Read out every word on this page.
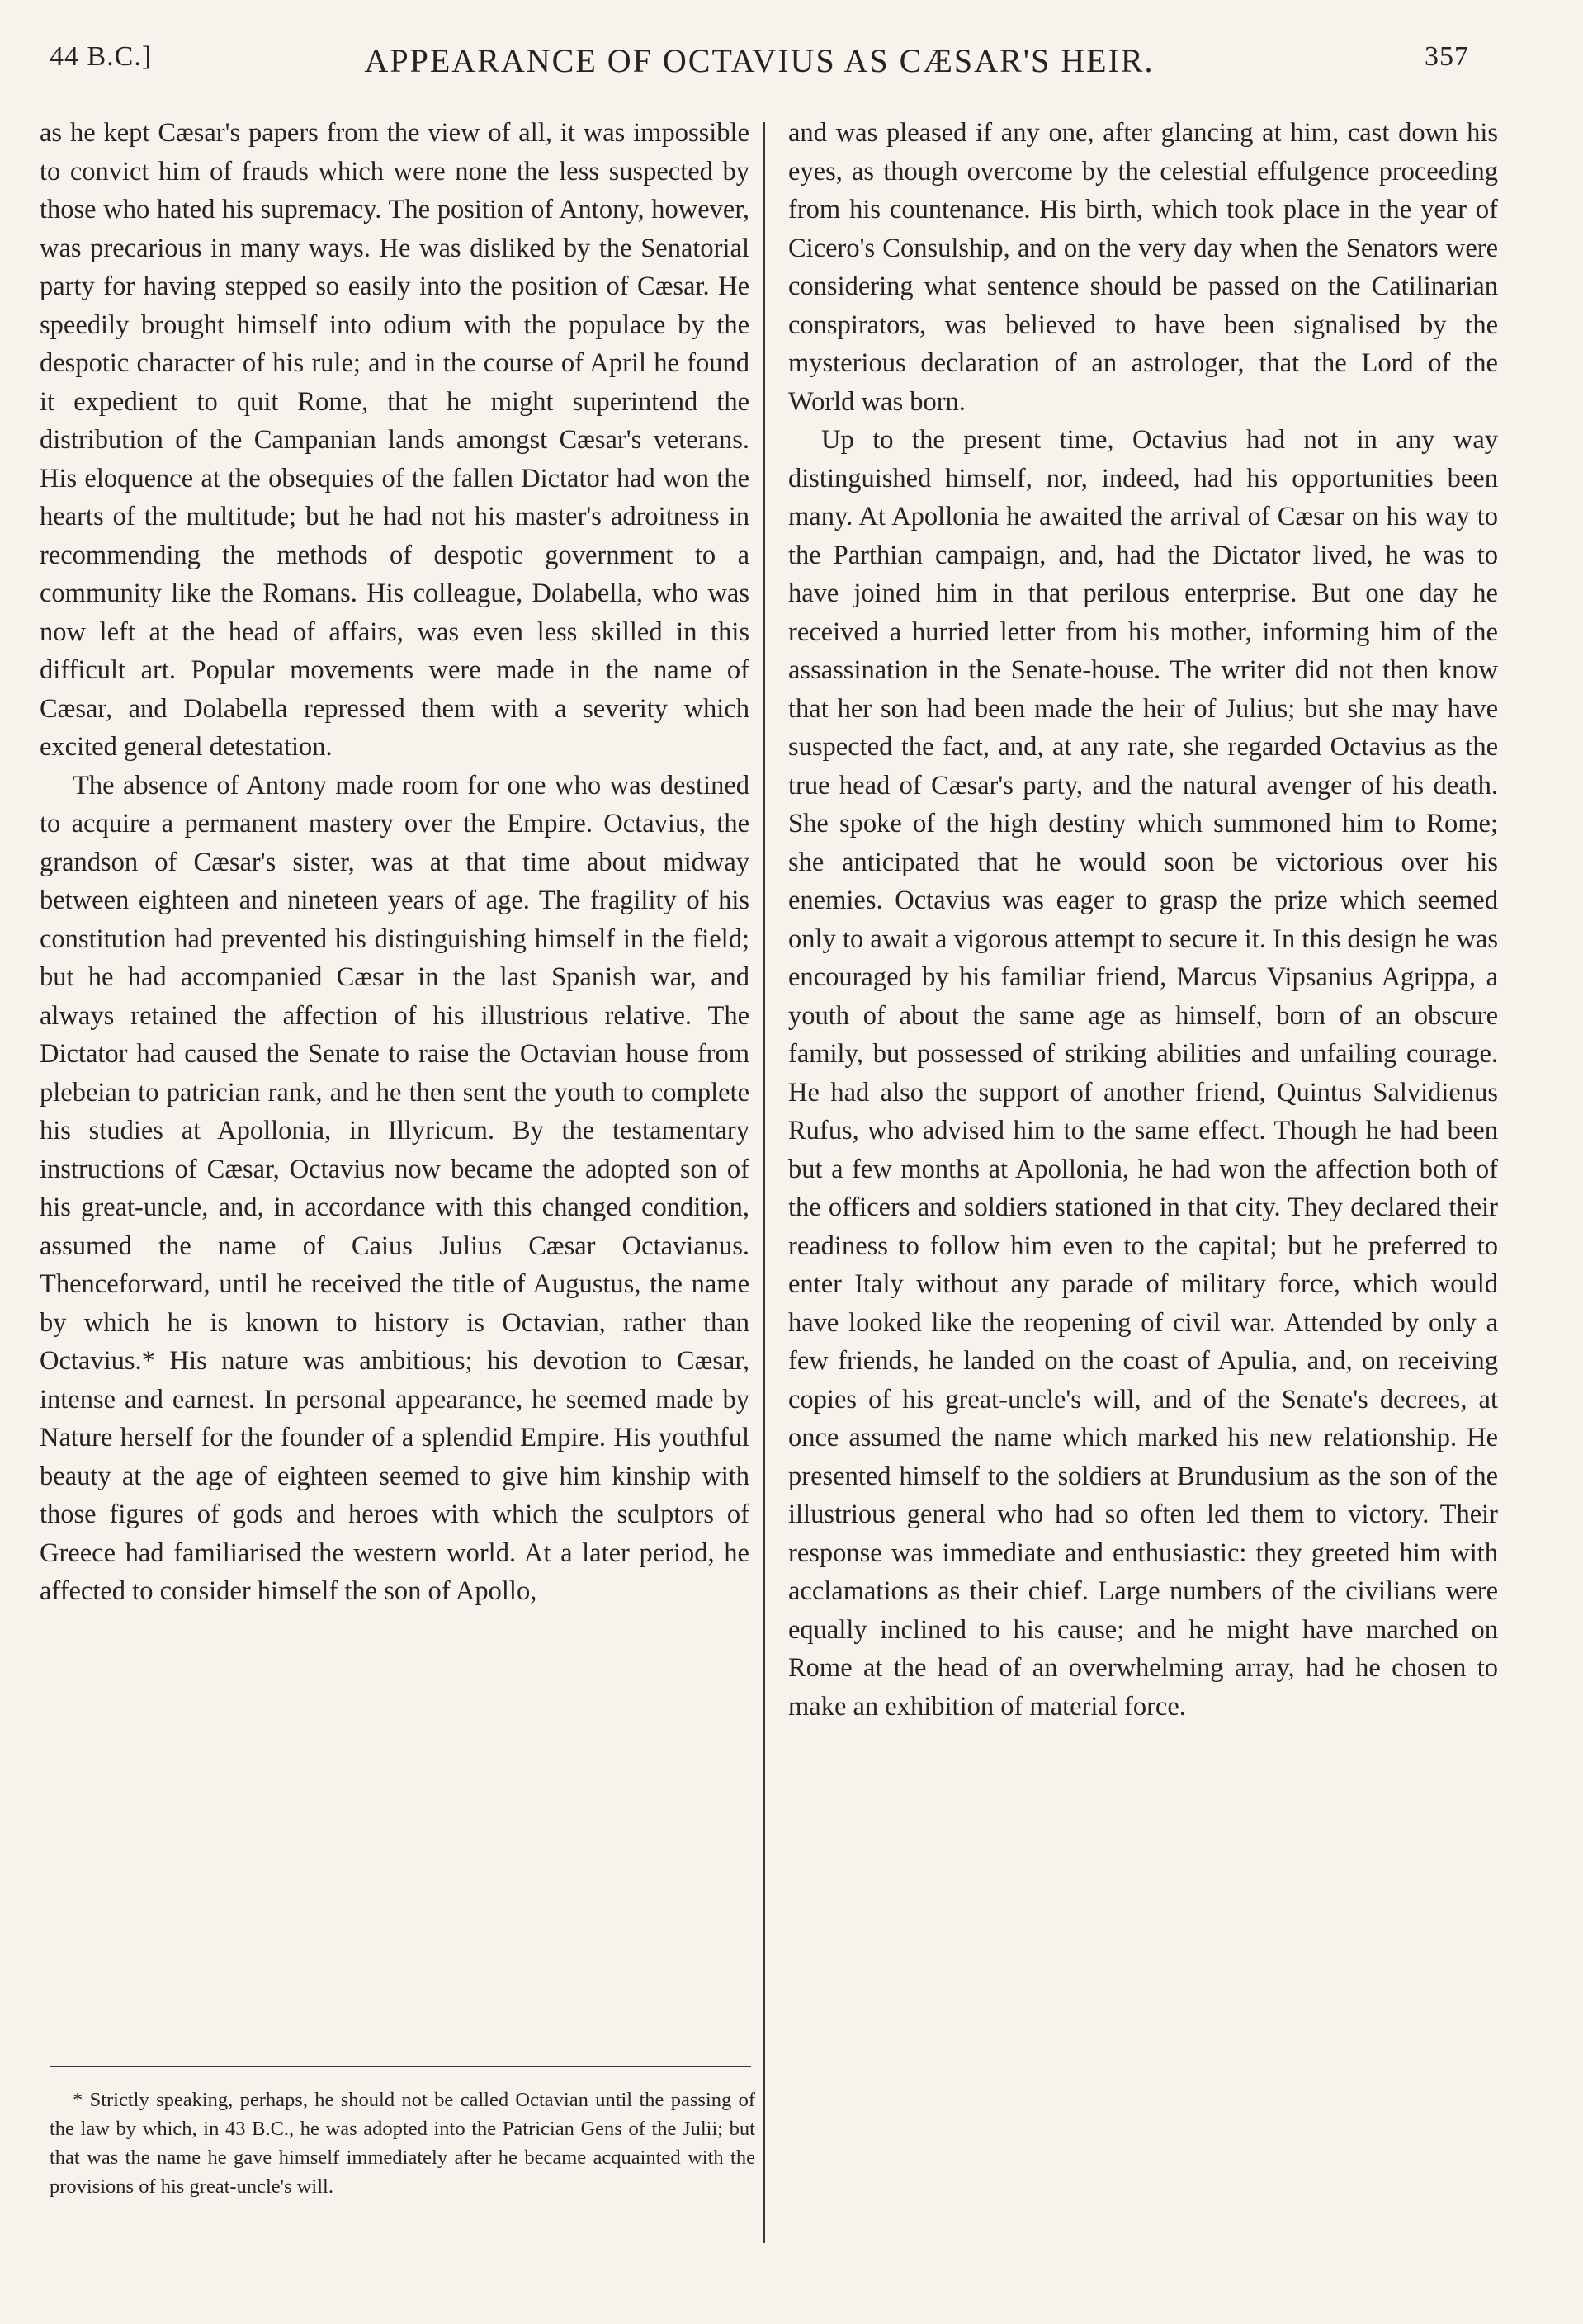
44 B.C.]	APPEARANCE OF OCTAVIUS AS CÆSAR'S HEIR.	357

as he kept Cæsar's papers from the view of all, it was impossible to convict him of frauds which were none the less suspected by those who hated his supremacy. The position of Antony, however, was precarious in many ways. He was disliked by the Senatorial party for having stepped so easily into the position of Cæsar. He speedily brought himself into odium with the populace by the despotic character of his rule; and in the course of April he found it expedient to quit Rome, that he might superintend the distribution of the Campanian lands amongst Cæsar's veterans. His eloquence at the obsequies of the fallen Dictator had won the hearts of the multitude; but he had not his master's adroitness in recommending the methods of despotic government to a community like the Romans. His colleague, Dolabella, who was now left at the head of affairs, was even less skilled in this difficult art. Popular movements were made in the name of Cæsar, and Dolabella repressed them with a severity which excited general detestation.

The absence of Antony made room for one who was destined to acquire a permanent mastery over the Empire. Octavius, the grandson of Cæsar's sister, was at that time about midway between eighteen and nineteen years of age. The fragility of his constitution had prevented his distinguishing himself in the field; but he had accompanied Cæsar in the last Spanish war, and always retained the affection of his illustrious relative. The Dictator had caused the Senate to raise the Octavian house from plebeian to patrician rank, and he then sent the youth to complete his studies at Apollonia, in Illyricum. By the testamentary instructions of Cæsar, Octavius now became the adopted son of his great-uncle, and, in accordance with this changed condition, assumed the name of Caius Julius Cæsar Octavianus. Thenceforward, until he received the title of Augustus, the name by which he is known to history is Octavian, rather than Octavius.* His nature was ambitious; his devotion to Cæsar, intense and earnest. In personal appearance, he seemed made by Nature herself for the founder of a splendid Empire. His youthful beauty at the age of eighteen seemed to give him kinship with those figures of gods and heroes with which the sculptors of Greece had familiarised the western world. At a later period, he affected to consider himself the son of Apollo,

and was pleased if any one, after glancing at him, cast down his eyes, as though overcome by the celestial effulgence proceeding from his countenance. His birth, which took place in the year of Cicero's Consulship, and on the very day when the Senators were considering what sentence should be passed on the Catilinarian conspirators, was believed to have been signalised by the mysterious declaration of an astrologer, that the Lord of the World was born.

Up to the present time, Octavius had not in any way distinguished himself, nor, indeed, had his opportunities been many. At Apollonia he awaited the arrival of Cæsar on his way to the Parthian campaign, and, had the Dictator lived, he was to have joined him in that perilous enterprise. But one day he received a hurried letter from his mother, informing him of the assassination in the Senate-house. The writer did not then know that her son had been made the heir of Julius; but she may have suspected the fact, and, at any rate, she regarded Octavius as the true head of Cæsar's party, and the natural avenger of his death. She spoke of the high destiny which summoned him to Rome; she anticipated that he would soon be victorious over his enemies. Octavius was eager to grasp the prize which seemed only to await a vigorous attempt to secure it. In this design he was encouraged by his familiar friend, Marcus Vipsanius Agrippa, a youth of about the same age as himself, born of an obscure family, but possessed of striking abilities and unfailing courage. He had also the support of another friend, Quintus Salvidienus Rufus, who advised him to the same effect. Though he had been but a few months at Apollonia, he had won the affection both of the officers and soldiers stationed in that city. They declared their readiness to follow him even to the capital; but he preferred to enter Italy without any parade of military force, which would have looked like the reopening of civil war. Attended by only a few friends, he landed on the coast of Apulia, and, on receiving copies of his great-uncle's will, and of the Senate's decrees, at once assumed the name which marked his new relationship. He presented himself to the soldiers at Brundusium as the son of the illustrious general who had so often led them to victory. Their response was immediate and enthusiastic: they greeted him with acclamations as their chief. Large numbers of the civilians were equally inclined to his cause; and he might have marched on Rome at the head of an overwhelming array, had he chosen to make an exhibition of material force.

* Strictly speaking, perhaps, he should not be called Octavian until the passing of the law by which, in 43 B.C., he was adopted into the Patrician Gens of the Julii; but that was the name he gave himself immediately after he became acquainted with the provisions of his great-uncle's will.
